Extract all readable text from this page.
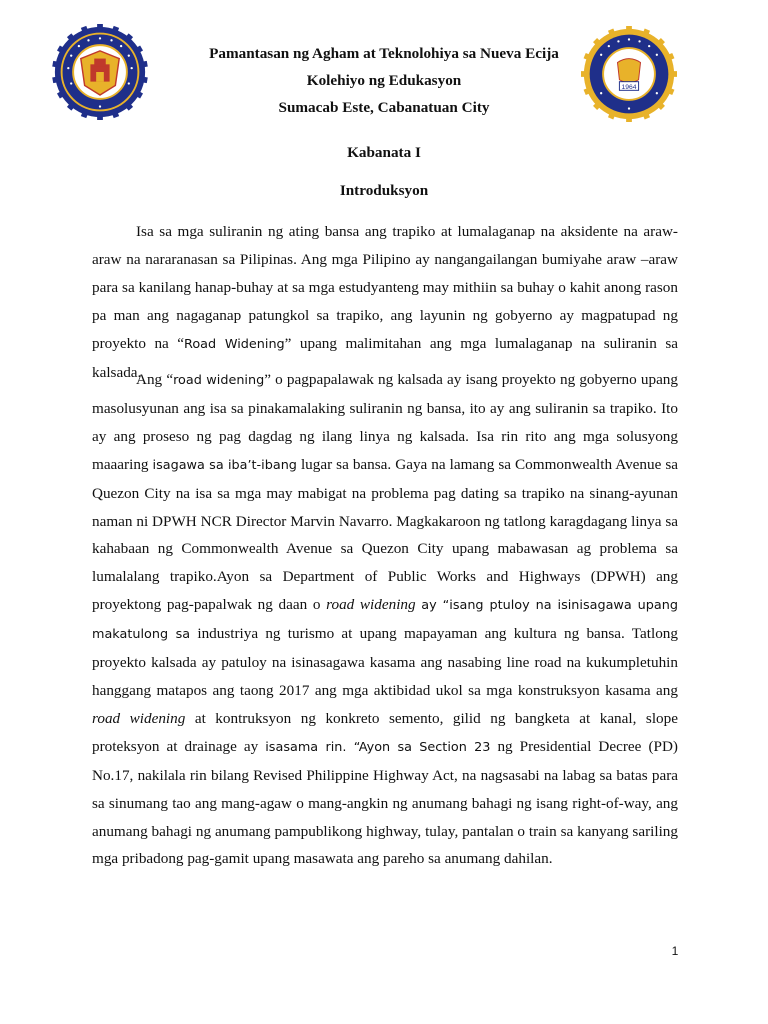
1964
Pamantasan ng Agham at Teknolohiya sa Nueva Ecija
Kolehiyo ng Edukasyon
Sumacab Este, Cabanatuan City
Kabanata I
Introduksyon

Isa sa mga suliranin ng ating bansa ang trapiko at lumalaganap na aksidente na araw-araw na nararanasan sa Pilipinas. Ang mga Pilipino ay nangangailangan bumiyahe araw –araw para sa kanilang hanap-buhay at sa mga estudyanteng may mithiin sa buhay o kahit anong rason pa man ang nagaganap patungkol sa trapiko, ang layunin ng gobyerno ay magpatupad ng proyekto na “Road Widening” upang malimitahan ang mga lumalaganap na suliranin sa kalsada.

Ang “road widening” o pagpapalawak ng kalsada ay isang proyekto ng gobyerno upang masolusyunan ang isa sa pinakamalaking suliranin ng bansa, ito ay ang suliranin sa trapiko. Ito ay ang proseso ng pag dagdag ng ilang linya ng kalsada. Isa rin rito ang mga solusyong maaaring isagawa sa iba’t-ibang lugar sa bansa. Gaya na lamang sa Commonwealth Avenue sa Quezon City na isa sa mga may mabigat na problema pag dating sa trapiko na sinang-ayunan naman ni DPWH NCR Director Marvin Navarro. Magkakaroon ng tatlong karagdagang linya sa kahabaan ng Commonwealth Avenue sa Quezon City upang mabawasan ag problema sa lumalalang trapiko.Ayon sa Department of Public Works and Highways (DPWH) ang proyektong pag-papalwak ng daan o road widening ay “isang ptuloy na isinisagawa upang makatulong sa industriya ng turismo at upang mapayaman ang kultura ng bansa. Tatlong proyekto kalsada ay patuloy na isinasagawa kasama ang nasabing line road na kukumpletuhin hanggang matapos ang taong 2017 ang mga aktibidad ukol sa mga konstruksyon kasama ang road widening at kontruksyon ng konkreto semento, gilid ng bangketa at kanal, slope proteksyon at drainage ay isasama rin. “Ayon sa Section 23 ng Presidential Decree (PD) No.17, nakilala rin bilang Revised Philippine Highway Act, na nagsasabi na labag sa batas para sa sinumang tao ang mang-agaw o mang-angkin ng anumang bahagi ng isang right-of-way, ang anumang bahagi ng anumang pampublikong highway, tulay, pantalan o train sa kanyang sariling mga pribadong pag-gamit upang masawata ang pareho sa anumang dahilan.

1
